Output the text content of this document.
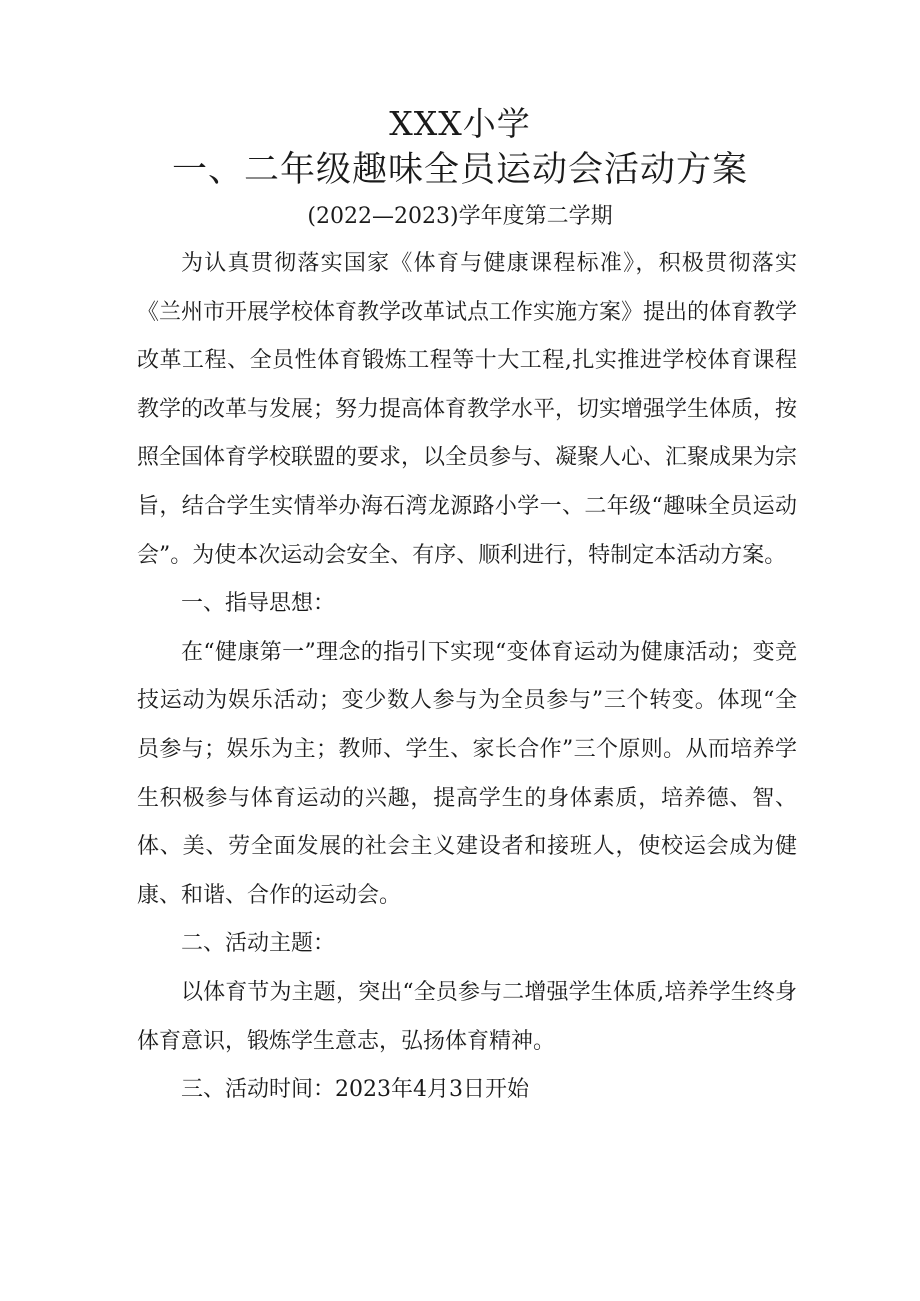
XXX小学
一、二年级趣味全员运动会活动方案
(2022—2023)学年度第二学期

为认真贯彻落实国家《体育与健康课程标准》，积极贯彻落实《兰州市开展学校体育教学改革试点工作实施方案》提出的体育教学改革工程、全员性体育锻炼工程等十大工程,扎实推进学校体育课程教学的改革与发展；努力提高体育教学水平，切实增强学生体质，按照全国体育学校联盟的要求，以全员参与、凝聚人心、汇聚成果为宗旨，结合学生实情举办海石湾龙源路小学一、二年级“趣味全员运动会”。为使本次运动会安全、有序、顺利进行，特制定本活动方案。

一、指导思想：

在“健康第一”理念的指引下实现“变体育运动为健康活动；变竞技运动为娱乐活动；变少数人参与为全员参与”三个转变。体现“全员参与；娱乐为主；教师、学生、家长合作”三个原则。从而培养学生积极参与体育运动的兴趣，提高学生的身体素质，培养德、智、体、美、劳全面发展的社会主义建设者和接班人，使校运会成为健康、和谐、合作的运动会。

二、活动主题：

以体育节为主题，突出“全员参与二增强学生体质,培养学生终身体育意识，锻炼学生意志，弘扬体育精神。

三、活动时间：2023年4月3日开始
